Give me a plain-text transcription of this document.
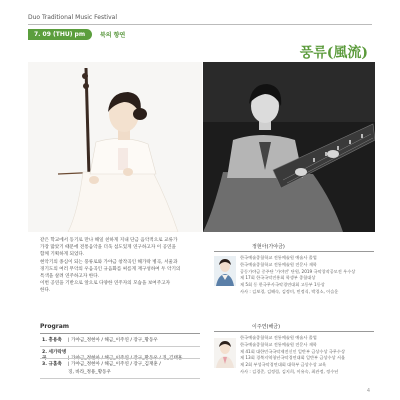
Duo Traditional Music Festival
7. 09 (THU) pm 7:30
북의 향연
풍류(風流)

같은 학교에서 동기로 만나 해일 친하게 지내 단금 음악적으로 교류가

가장 많았기 때문에 전통음악을 더욱 섬도있게 연구하고자 이 공연을

함께 기획하게 되었다.

현악기의 종심이 되는 풍류로와 가야금 창작곡인 해가락 병곡, 서울과

경기도의 여러 무악의 우음곡인 규음화를 써름게 재구성하여 두 악기의

특색을 살려 연주하고자 한다.

이번 공연을 기반으로 앞으로 다양한 연주자의 모습을 보여주고자

한다.

Program
1. 흥용축 | 가야금_정현아 / 해금_이주연 / 장구_황동우
2. 세가락병곡	| 가야금_정현아 / 해금_이주연 / 장구_황동우 / 징_김태훈
3. 규홈축 | 가야금_정현아 / 해금_이주연 / 장구_김재훈 /
징, 바라_정용_황동우
정현아(가야금)
한국예술종합학교 전통예술원 예술사 졸업
한국예술종합학교 전통예술원 전문사 재학
공동가야금 중주단 '가야진' 단원, 2019 국악창작공모전 우수상
제 17회 한국국악진흥회 학생부 종합대상
제 5회 동 한국무사국악경연대회 고등부 1등상
사사 : 김보경, 김해숙, 김정미, 민정식, 박경소, 이슬운
이주연(해금)
한국예술종합학교 전통예술원 예술사 졸업
한국예술종합학교 전통예술원 전문사 재학
제 41회 대한민국국악제전신인 일반부 금상수상 국무수상
제 13회 경북지역청년국악경연대회 일반부 금상수상 서울
제 2회 부성국악경연대회 대학부 금상수상 교육
사사 : 김경준, 김정림, 김지희, 이유숙, 최관정, 정수년
4
